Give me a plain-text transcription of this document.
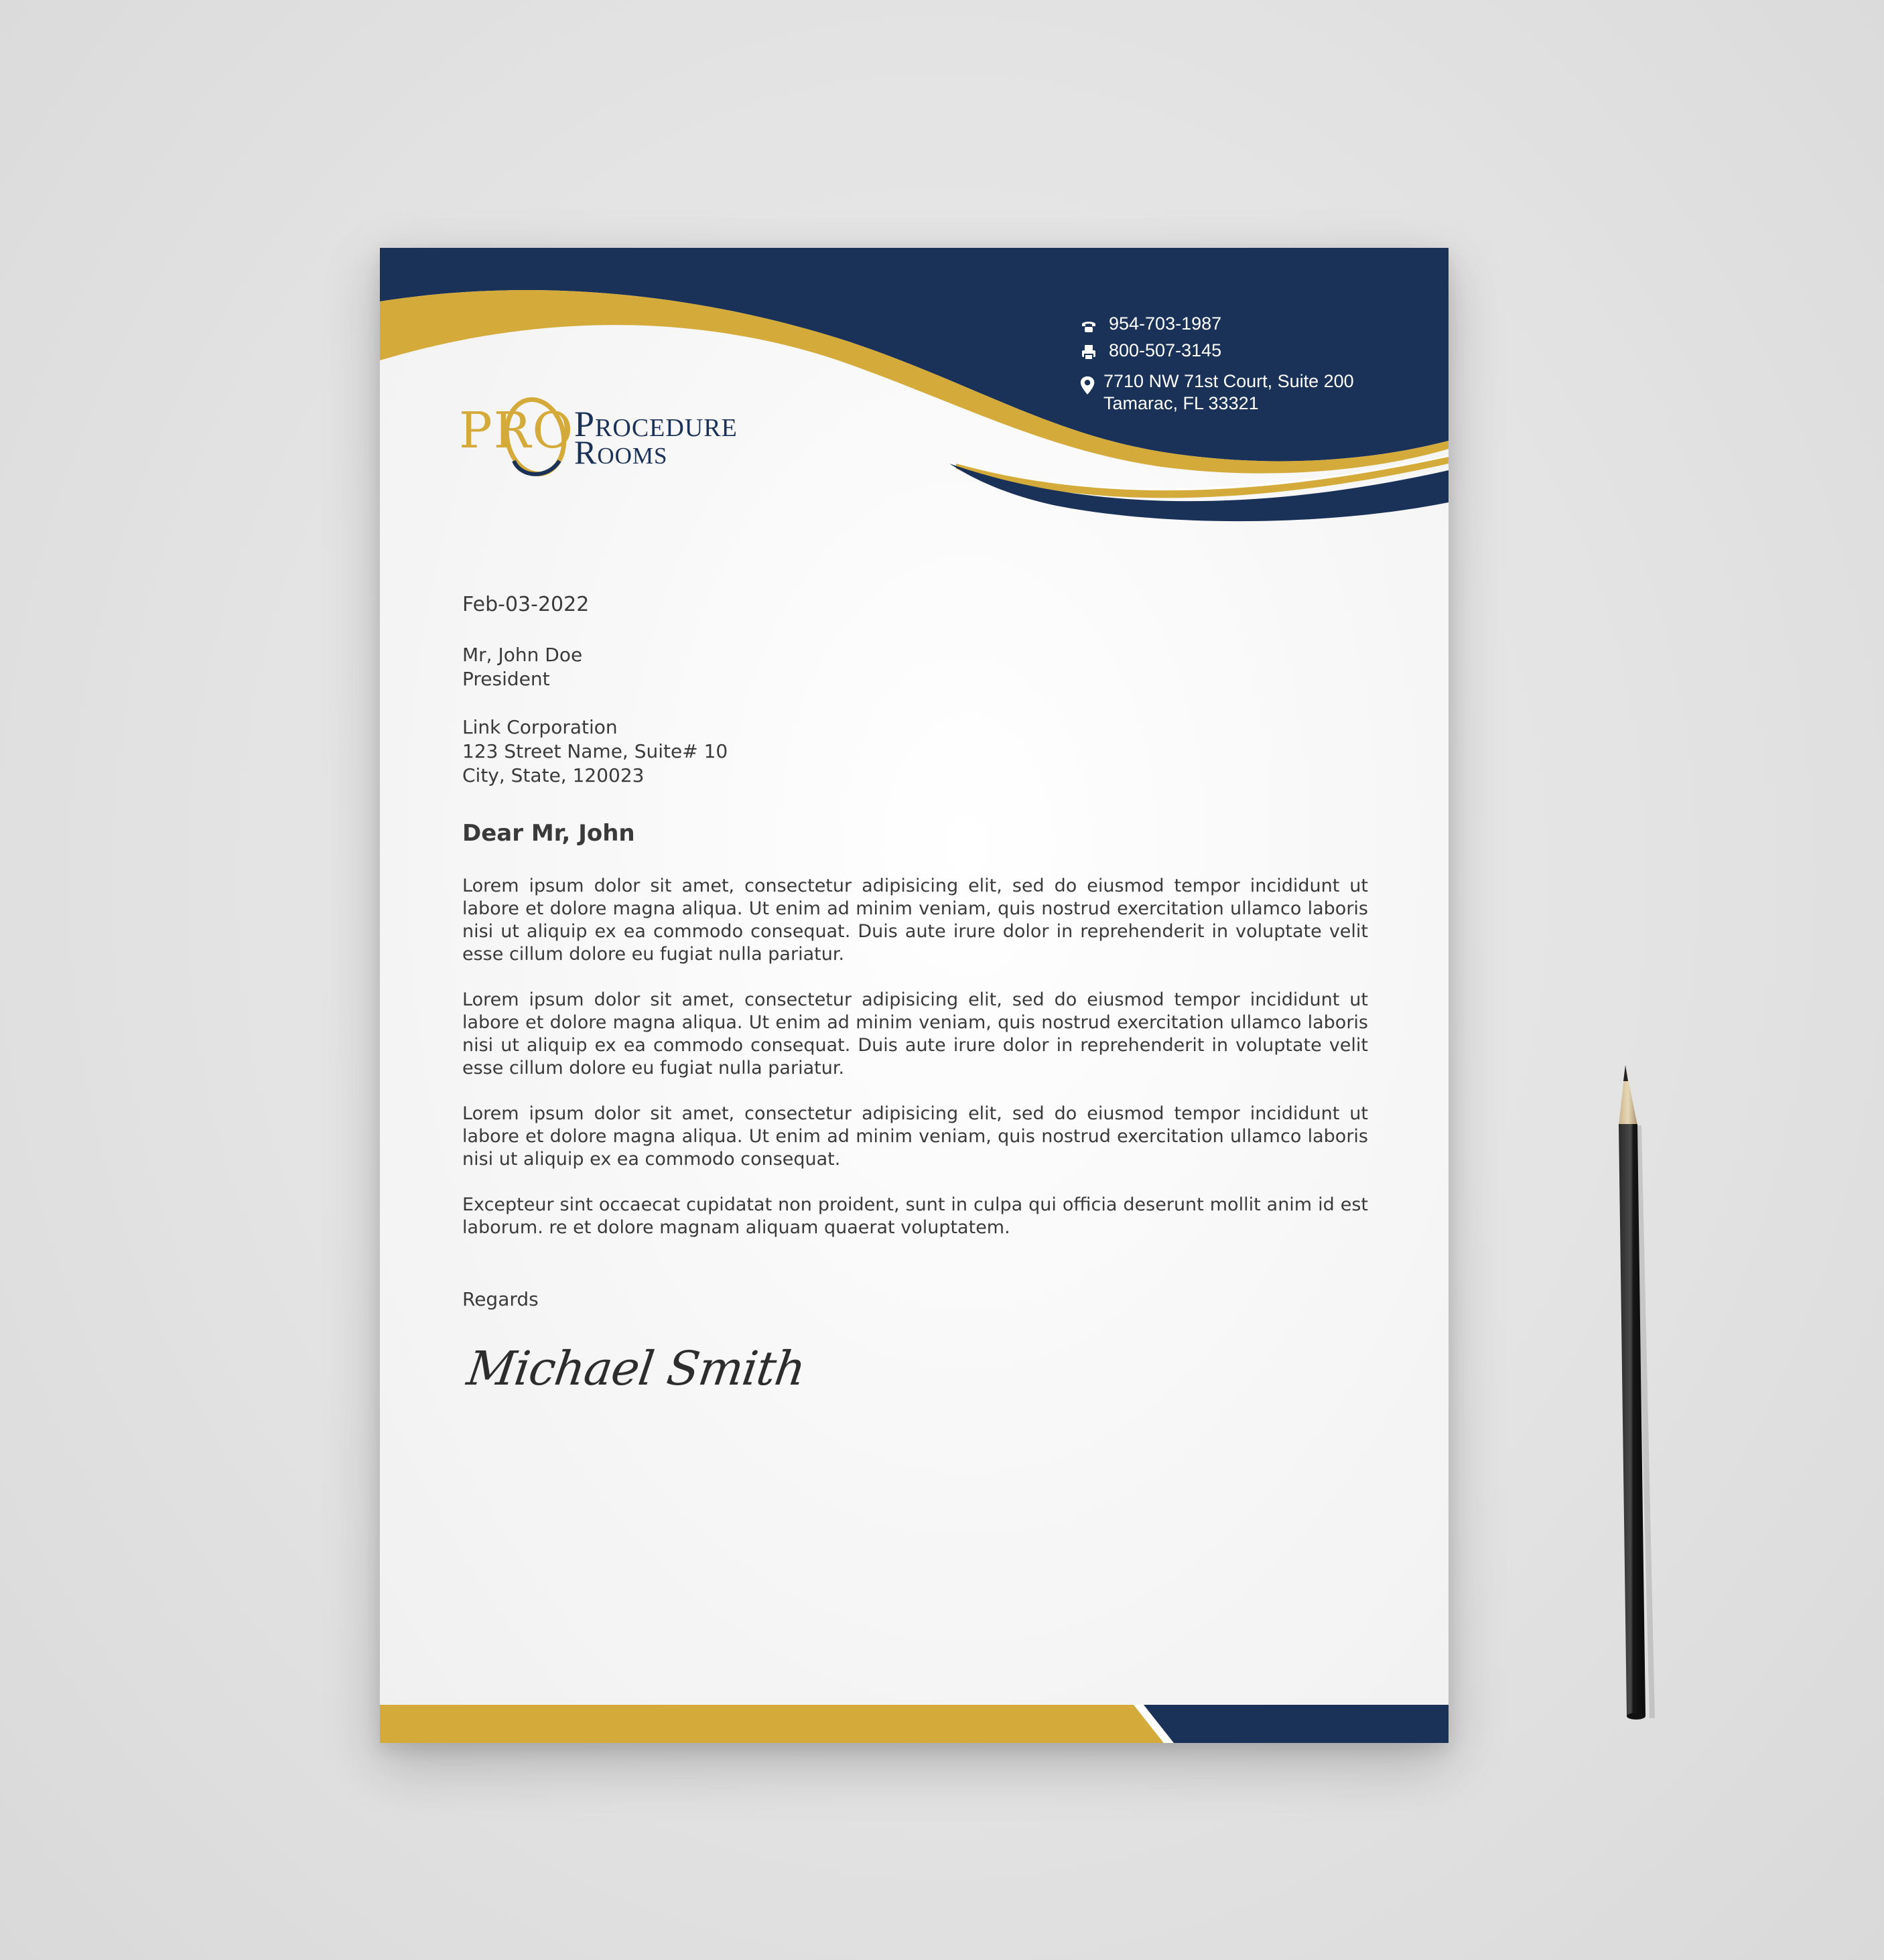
PRO Procedure
Rooms
954-703-1987
800-507-3145
7710 NW 71st Court, Suite 200
Tamarac, FL 33321
Feb-03-2022
Mr, John Doe
President
Link Corporation
123 Street Name, Suite# 10
City, State, 120023
Dear Mr, John

Lorem ipsum dolor sit amet, consectetur adipisicing elit, sed do eiusmod tempor incididunt ut labore et dolore magna aliqua. Ut enim ad minim veniam, quis nostrud exercitation ullamco laboris nisi ut aliquip ex ea commodo consequat. Duis aute irure dolor in reprehenderit in voluptate velit esse cillum dolore eu fugiat nulla pariatur.

Lorem ipsum dolor sit amet, consectetur adipisicing elit, sed do eiusmod tempor incididunt ut labore et dolore magna aliqua. Ut enim ad minim veniam, quis nostrud exercitation ullamco laboris nisi ut aliquip ex ea commodo consequat. Duis aute irure dolor in reprehenderit in voluptate velit esse cillum dolore eu fugiat nulla pariatur.

Lorem ipsum dolor sit amet, consectetur adipisicing elit, sed do eiusmod tempor incididunt ut labore et dolore magna aliqua. Ut enim ad minim veniam, quis nostrud exercitation ullamco laboris nisi ut aliquip ex ea commodo consequat.

Excepteur sint occaecat cupidatat non proident, sunt in culpa qui officia deserunt mollit anim id est laborum. re et dolore magnam aliquam quaerat voluptatem.

Regards
Michael Smith
